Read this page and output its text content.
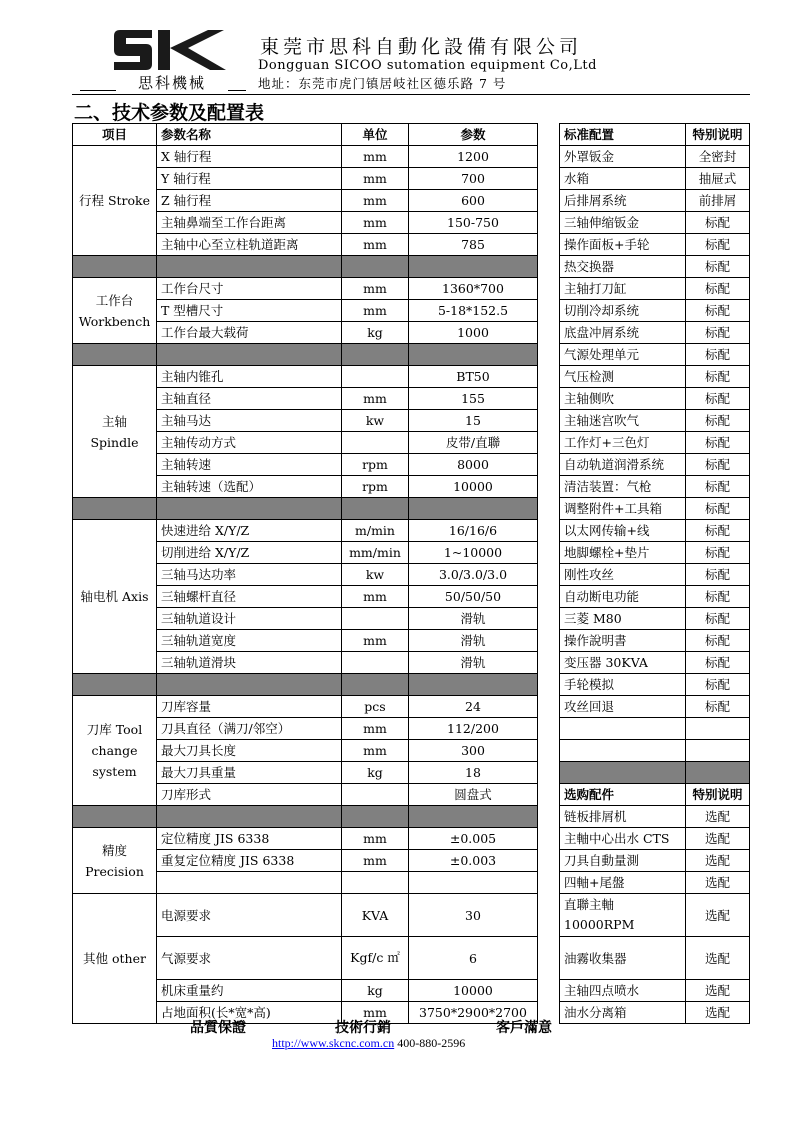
思科機械
東莞市思科自動化設備有限公司
Dongguan SICOO sutomation equipment Co,Ltd
地址：东莞市虎门镇居岐社区德乐路 7 号
二、技术参数及配置表
项目	参数名称	单位	参数		标准配置	特别说明
行程 Stroke	X 轴行程	mm	1200		外罩钣金	全密封
	Y 轴行程	mm	700		水箱	抽屉式
	Z 轴行程	mm	600		后排屑系统	前排屑
	主轴鼻端至工作台距离	mm	150-750		三轴伸缩钣金	标配
	主轴中心至立柱轨道距离	mm	785		操作面板+手轮	标配
					热交换器	标配
工作台 Workbench	工作台尺寸	mm	1360*700		主轴打刀缸	标配
	T 型槽尺寸	mm	5-18*152.5		切削冷却系统	标配
	工作台最大载荷	kg	1000		底盘冲屑系统	标配
					气源处理单元	标配
主轴 Spindle	主轴内锥孔		BT50		气压检测	标配
	主轴直径	mm	155		主轴侧吹	标配
	主轴马达	kw	15		主轴迷宫吹气	标配
	主轴传动方式		皮带/直聯		工作灯+三色灯	标配
	主轴转速	rpm	8000		自动轨道润滑系统	标配
	主轴转速（选配）	rpm	10000		清洁装置：气枪	标配
					调整附件+工具箱	标配
轴电机 Axis	快速进给 X/Y/Z	m/min	16/16/6		以太网传输+线	标配
	切削进给 X/Y/Z	mm/min	1~10000		地脚螺栓+垫片	标配
	三轴马达功率	kw	3.0/3.0/3.0		刚性攻丝	标配
	三轴螺杆直径	mm	50/50/50		自动断电功能	标配
	三轴轨道设计		滑轨		三菱 M80	标配
	三轴轨道宽度	mm	滑轨		操作說明書	标配
	三轴轨道滑块		滑轨		变压器 30KVA	标配
					手轮模拟	标配
刀库 Tool change system	刀库容量	pcs	24		攻丝回退	标配
	刀具直径（满刀/邻空）	mm	112/200			
	最大刀具长度	mm	300			
	最大刀具重量	kg	18			
	刀库形式		圆盘式		选购配件	特别说明
					链板排屑机	选配
精度 Precision	定位精度 JIS 6338	mm	±0.005		主軸中心出水 CTS	选配
	重复定位精度 JIS 6338	mm	±0.003		刀具自動量測	选配
					四軸+尾盤	选配
其他 other	电源要求	KVA	30		直聯主軸 10000RPM	选配
	气源要求	Kgf/c ㎡	6		油霧收集器	选配
	机床重量约	kg	10000		主轴四点喷水	选配
	占地面积(长*宽*高)	mm	3750*2900*2700		油水分离箱	选配
品質保證	技術行銷	客戶滿意
http://www.skcnc.com.cn 400-880-2596
